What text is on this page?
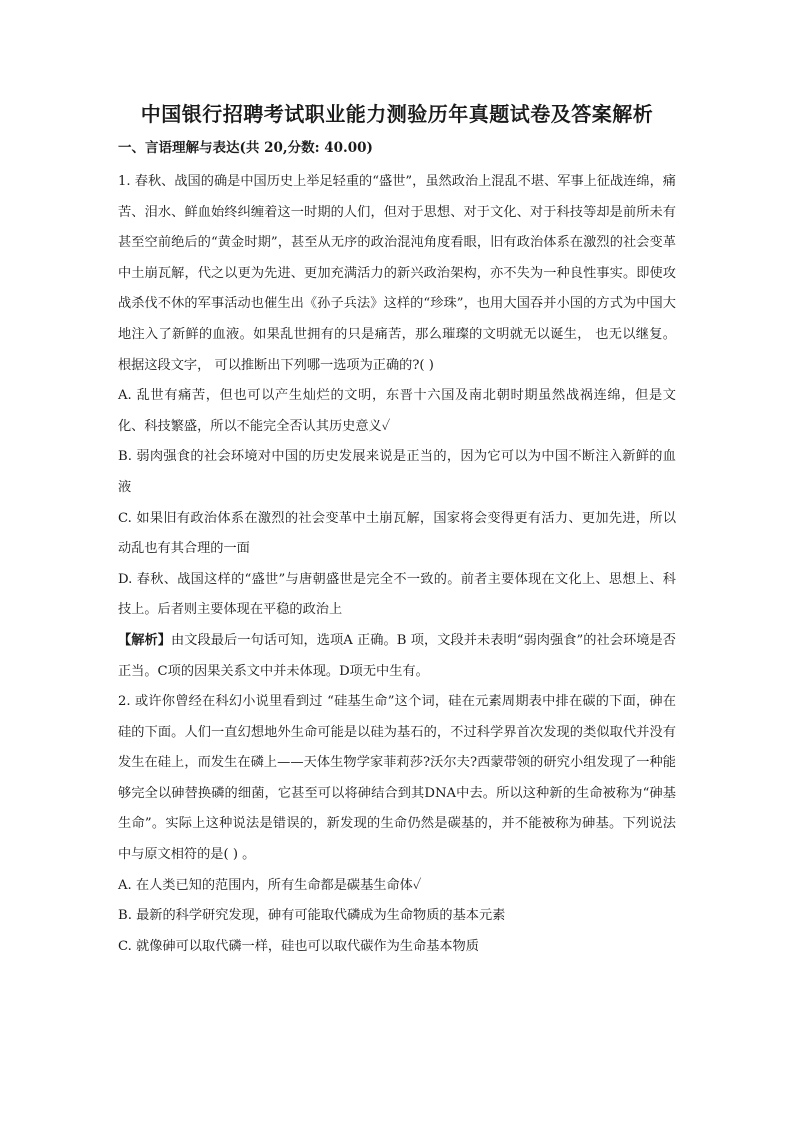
中国银行招聘考试职业能力测验历年真题试卷及答案解析

一、言语理解与表达(共 20,分数: 40.00)

1. 春秋、战国的确是中国历史上举足轻重的“盛世”，虽然政治上混乱不堪、军事上征战连绵，痛苦、泪水、鲜血始终纠缠着这一时期的人们，但对于思想、对于文化、对于科技等却是前所未有甚至空前绝后的“黄金时期”，甚至从无序的政治混沌角度看眼，旧有政治体系在激烈的社会变革中土崩瓦解，代之以更为先进、更加充满活力的新兴政治架构，亦不失为一种良性事实。即使攻战杀伐不休的军事活动也催生出《孙子兵法》这样的“珍珠”，也用大国吞并小国的方式为中国大地注入了新鲜的血液。如果乱世拥有的只是痛苦，那么璀璨的文明就无以诞生， 也无以继复。根据这段文字， 可以推断出下列哪一选项为正确的?( )

A. 乱世有痛苦，但也可以产生灿烂的文明，东晋十六国及南北朝时期虽然战祸连绵，但是文化、科技繁盛，所以不能完全否认其历史意义✓

B. 弱肉强食的社会环境对中国的历史发展来说是正当的，因为它可以为中国不断注入新鲜的血液

C. 如果旧有政治体系在激烈的社会变革中土崩瓦解，国家将会变得更有活力、更加先进，所以动乱也有其合理的一面

D. 春秋、战国这样的“盛世”与唐朝盛世是完全不一致的。前者主要体现在文化上、思想上、科技上。后者则主要体现在平稳的政治上

【解析】由文段最后一句话可知，选项A 正确。B 项，文段并未表明“弱肉强食”的社会环境是否正当。C项的因果关系文中并未体现。D项无中生有。

2. 或许你曾经在科幻小说里看到过 “硅基生命”这个词，硅在元素周期表中排在碳的下面，砷在硅的下面。人们一直幻想地外生命可能是以硅为基石的，不过科学界首次发现的类似取代并没有发生在硅上，而发生在磷上——天体生物学家菲莉莎?沃尔夫?西蒙带领的研究小组发现了一种能够完全以砷替换磷的细菌，它甚至可以将砷结合到其DNA中去。所以这种新的生命被称为“砷基生命”。实际上这种说法是错误的，新发现的生命仍然是碳基的，并不能被称为砷基。下列说法中与原文相符的是( ) 。

A. 在人类已知的范围内，所有生命都是碳基生命体✓

B. 最新的科学研究发现，砷有可能取代磷成为生命物质的基本元素

C. 就像砷可以取代磷一样，硅也可以取代碳作为生命基本物质
